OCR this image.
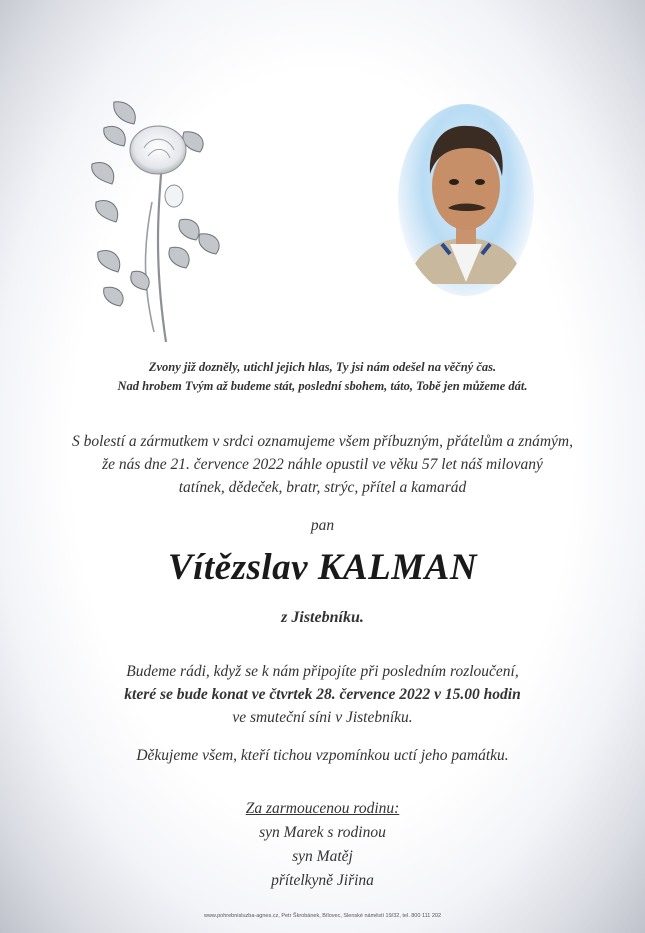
Zvony již dozněly, utichl jejich hlas, Ty jsi nám odešel na věčný čas.
Nad hrobem Tvým až budeme stát, poslední sbohem, táto, Tobě jen můžeme dát.
S bolestí a zármutkem v srdci oznamujeme všem příbuzným, přátelům a známým,
že nás dne 21. července 2022 náhle opustil ve věku 57 let náš milovaný
tatínek, dědeček, bratr, strýc, přítel a kamarád
pan
Vítězslav KALMAN
z Jistebníku.
Budeme rádi, když se k nám připojíte při posledním rozloučení,
které se bude konat ve čtvrtek 28. července 2022 v 15.00 hodin
ve smuteční síni v Jistebníku.
Děkujeme všem, kteří tichou vzpomínkou uctí jeho památku.
Za zarmoucenou rodinu:
syn Marek s rodinou
syn Matěj
přítelkyně Jiřina
www.pohrebnisluzba-agnes.cz, Petr Škrobánek, Bílovec, Slenské náměstí 19/32, tel. 800 111 202
